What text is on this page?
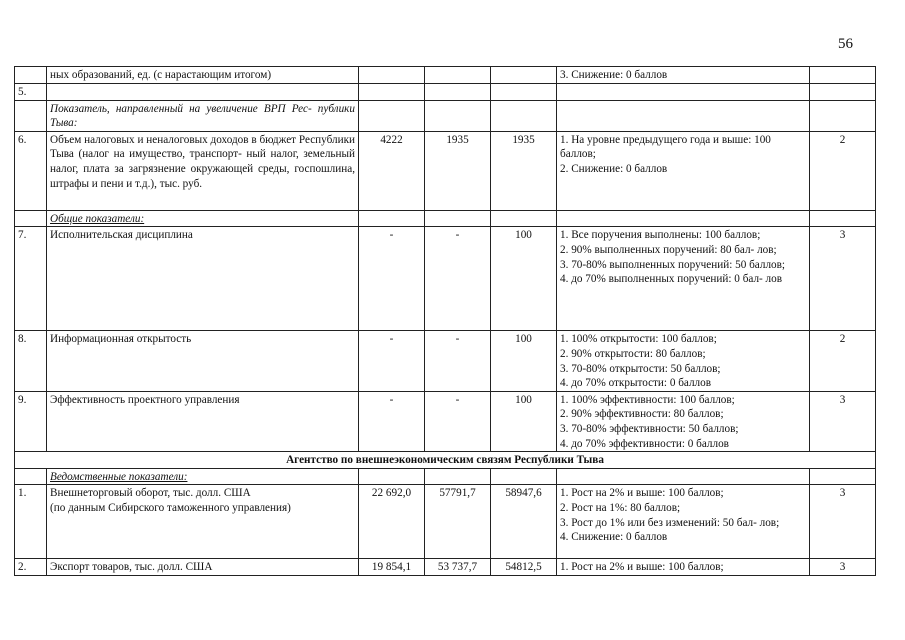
56
	ных образований, ед. (с нарастающим итогом)				3. Снижение: 0 баллов	
5.						
	Показатель, направленный на увеличение ВРП Рес- публики Тыва:					
6.	Объем налоговых и неналоговых доходов в бюджет Республики Тыва (налог на имущество, транспорт- ный налог, земельный налог, плата за загрязнение окружающей среды, госпошлина, штрафы и пени и т.д.), тыс. руб.	4222	1935	1935	1. На уровне предыдущего года и выше: 100 баллов;
2. Снижение: 0 баллов	2
	Общие показатели:					
7.	Исполнительская дисциплина	-	-	100	1. Все поручения выполнены: 100 баллов;
2. 90% выполненных поручений: 80 бал- лов;
3. 70-80% выполненных поручений: 50 баллов;
4. до 70% выполненных поручений: 0 бал- лов	3
8.	Информационная открытость	-	-	100	1. 100% открытости: 100 баллов;
2. 90% открытости: 80 баллов;
3. 70-80% открытости: 50 баллов;
4. до 70% открытости: 0 баллов	2
9.	Эффективность проектного управления	-	-	100	1. 100% эффективности: 100 баллов;
2. 90% эффективности: 80 баллов;
3. 70-80% эффективности: 50 баллов;
4. до 70% эффективности: 0 баллов	3
Агентство по внешнеэкономическим связям Республики Тыва						
	Ведомственные показатели:					
1.	Внешнеторговый оборот, тыс. долл. США
(по данным Сибирского таможенного управления)	22 692,0	57791,7	58947,6	1. Рост на 2% и выше: 100 баллов;
2. Рост на 1%: 80 баллов;
3. Рост до 1% или без изменений: 50 бал- лов;
4. Снижение: 0 баллов	3
2.	Экспорт товаров, тыс. долл. США	19 854,1	53 737,7	54812,5	1. Рост на 2% и выше: 100 баллов;	3
